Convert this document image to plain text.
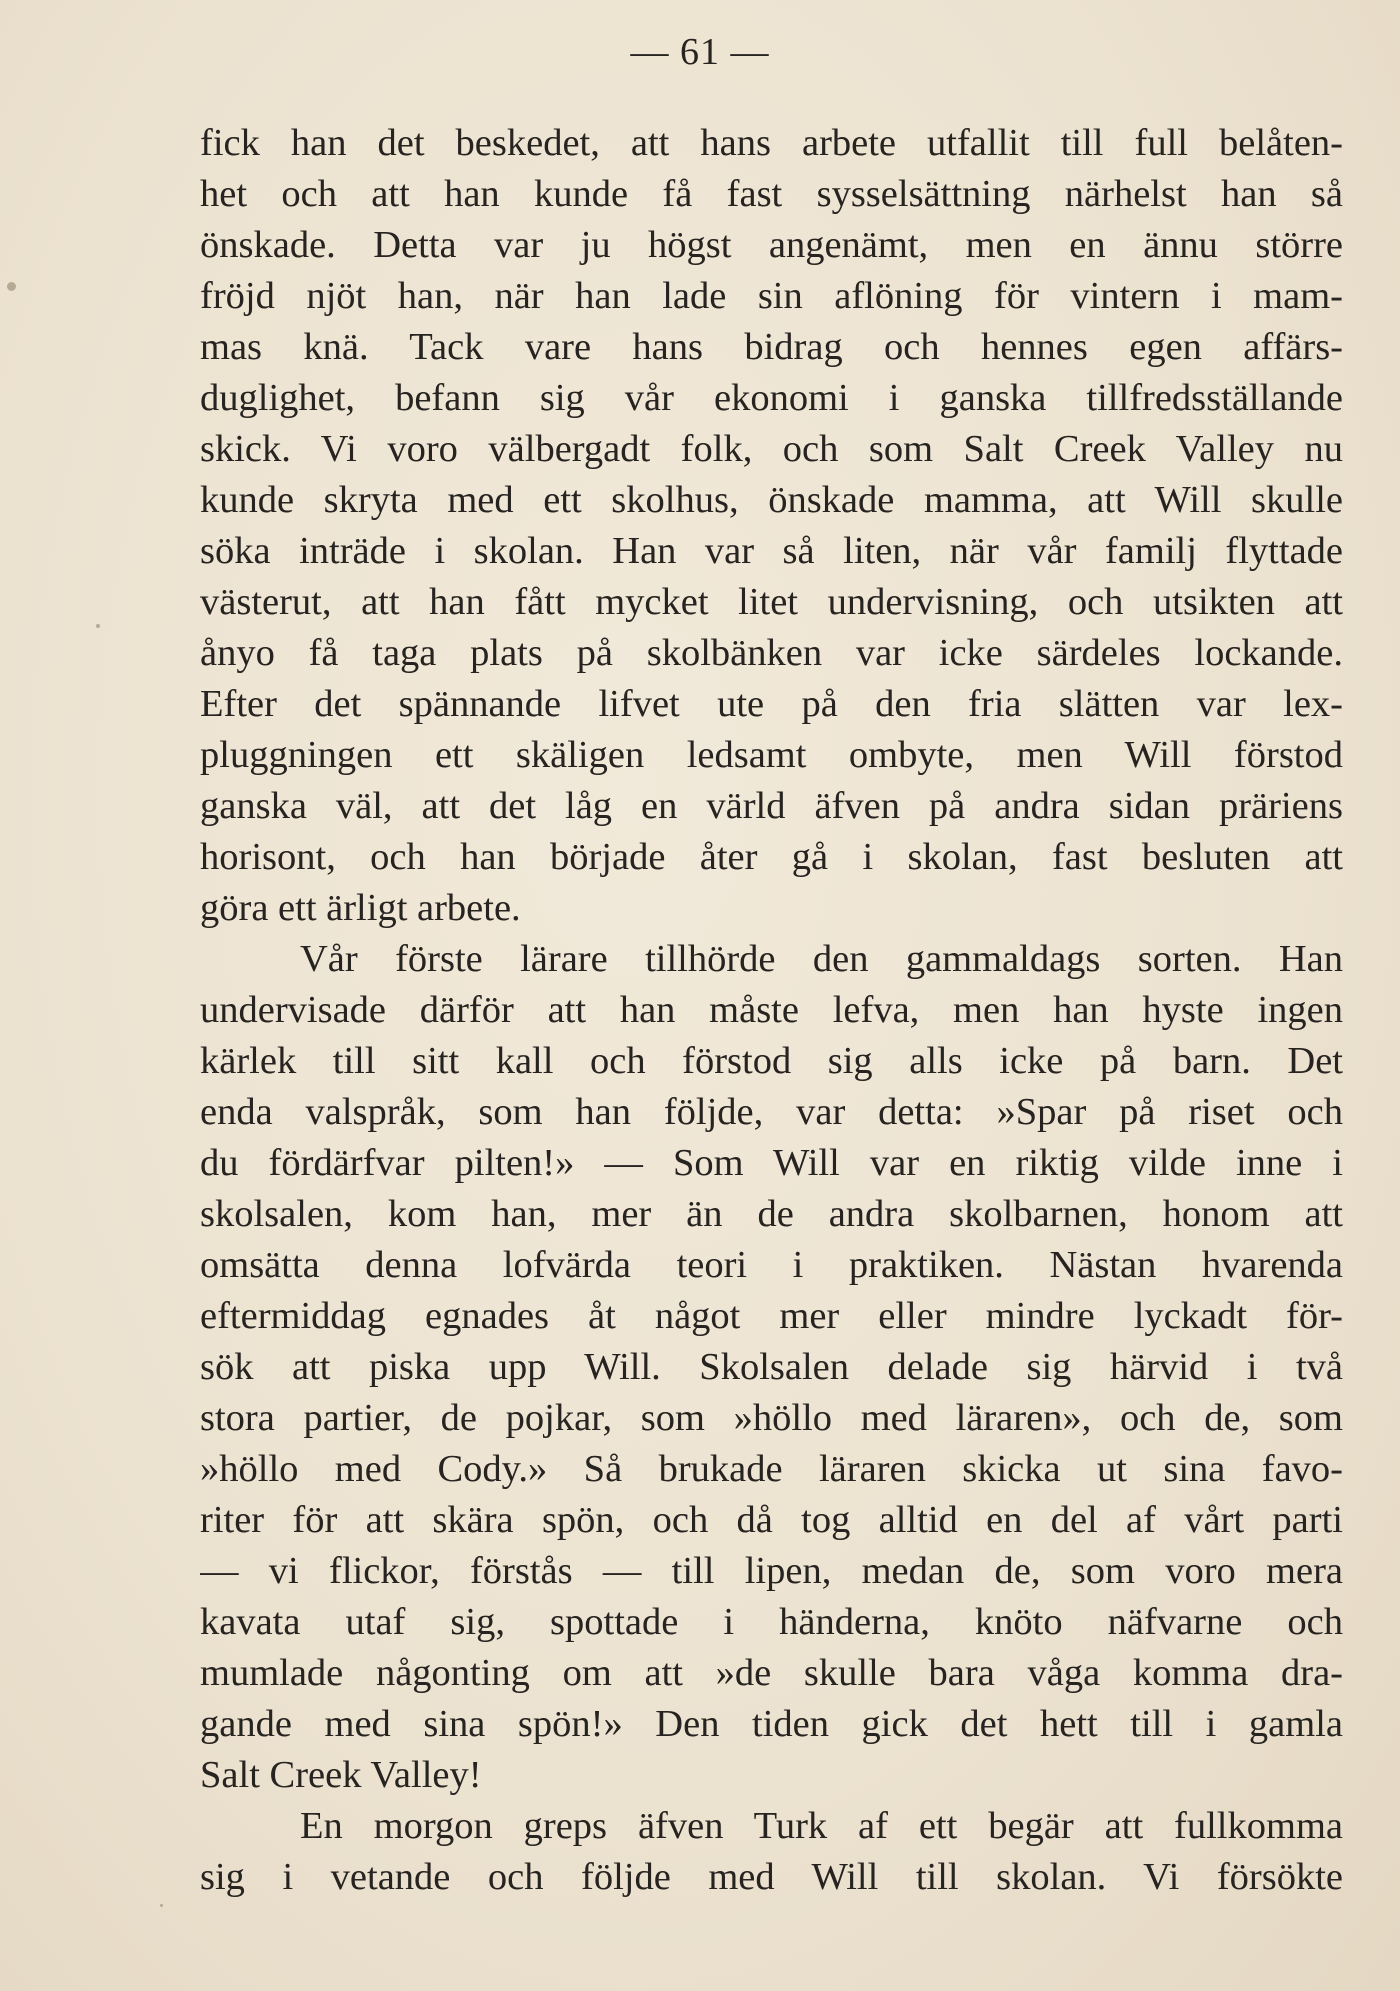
— 61 —
fick han det beskedet, att hans arbete utfallit till full belåten-
het och att han kunde få fast sysselsättning närhelst han så
önskade. Detta var ju högst angenämt, men en ännu större
fröjd njöt han, när han lade sin aflöning för vintern i mam-
mas knä. Tack vare hans bidrag och hennes egen affärs-
duglighet, befann sig vår ekonomi i ganska tillfredsställande
skick. Vi voro välbergadt folk, och som Salt Creek Valley nu
kunde skryta med ett skolhus, önskade mamma, att Will skulle
söka inträde i skolan. Han var så liten, när vår familj flyttade
västerut, att han fått mycket litet undervisning, och utsikten att
ånyo få taga plats på skolbänken var icke särdeles lockande.
Efter det spännande lifvet ute på den fria slätten var lex-
pluggningen ett skäligen ledsamt ombyte, men Will förstod
ganska väl, att det låg en värld äfven på andra sidan präriens
horisont, och han började åter gå i skolan, fast besluten att
göra ett ärligt arbete.
Vår förste lärare tillhörde den gammaldags sorten. Han
undervisade därför att han måste lefva, men han hyste ingen
kärlek till sitt kall och förstod sig alls icke på barn. Det
enda valspråk, som han följde, var detta: »Spar på riset och
du fördärfvar pilten!» — Som Will var en riktig vilde inne i
skolsalen, kom han, mer än de andra skolbarnen, honom att
omsätta denna lofvärda teori i praktiken. Nästan hvarenda
eftermiddag egnades åt något mer eller mindre lyckadt för-
sök att piska upp Will. Skolsalen delade sig härvid i två
stora partier, de pojkar, som »höllo med läraren», och de, som
»höllo med Cody.» Så brukade läraren skicka ut sina favo-
riter för att skära spön, och då tog alltid en del af vårt parti
— vi flickor, förstås — till lipen, medan de, som voro mera
kavata utaf sig, spottade i händerna, knöto näfvarne och
mumlade någonting om att »de skulle bara våga komma dra-
gande med sina spön!» Den tiden gick det hett till i gamla
Salt Creek Valley!
En morgon greps äfven Turk af ett begär att fullkomma
sig i vetande och följde med Will till skolan. Vi försökte
